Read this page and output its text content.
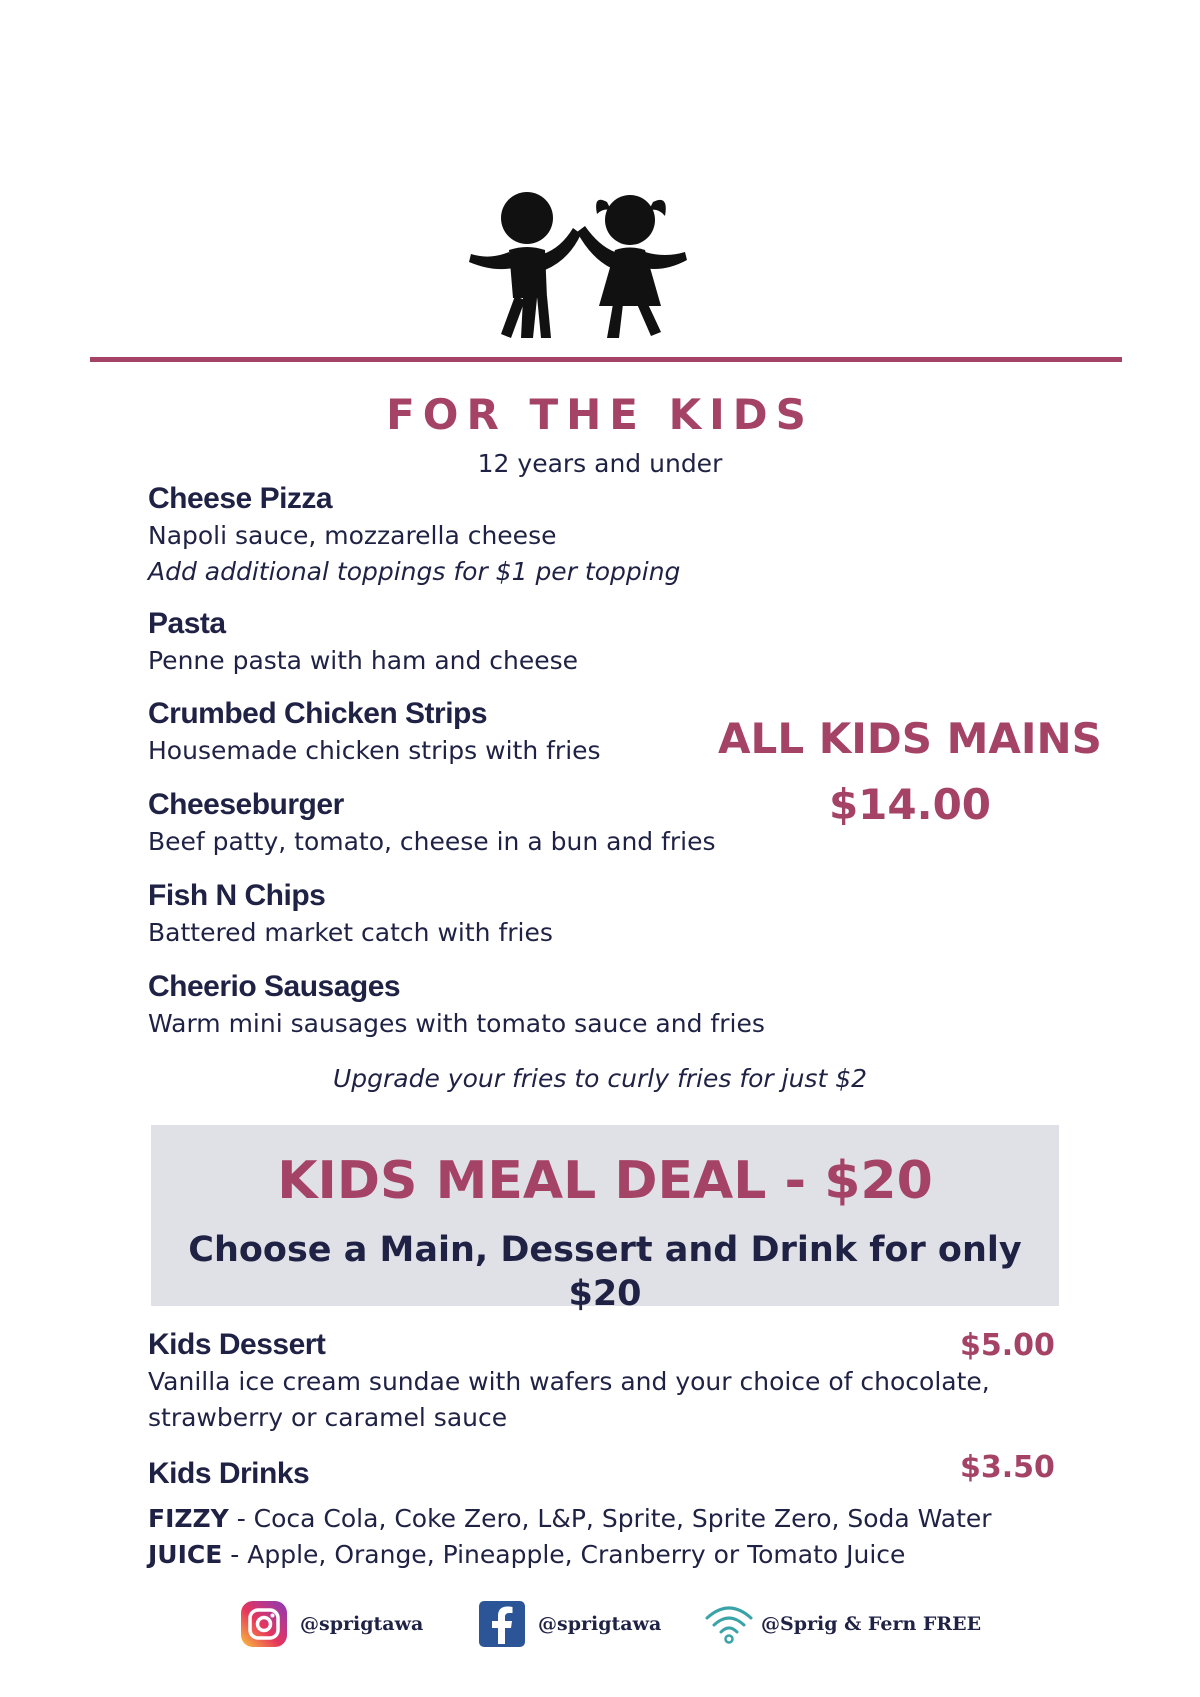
FOR THE KIDS
12 years and under
Cheese Pizza
Napoli sauce, mozzarella cheese
Add additional toppings for $1 per topping
Pasta
Penne pasta with ham and cheese
Crumbed Chicken Strips
Housemade chicken strips with fries
Cheeseburger
Beef patty, tomato, cheese in a bun and fries
Fish N Chips
Battered market catch with fries
Cheerio Sausages
Warm mini sausages with tomato sauce and fries
ALL KIDS MAINS
$14.00
Upgrade your fries to curly fries for just $2
KIDS MEAL DEAL - $20
Choose a Main, Dessert and Drink for only $20
Kids Dessert
Vanilla ice cream sundae with wafers and your choice of chocolate,
strawberry or caramel sauce
$5.00
Kids Drinks
FIZZY - Coca Cola, Coke Zero, L&P, Sprite, Sprite Zero, Soda Water
JUICE - Apple, Orange, Pineapple, Cranberry or Tomato Juice
$3.50
@sprigtawa	@sprigtawa	@Sprig & Fern FREE
